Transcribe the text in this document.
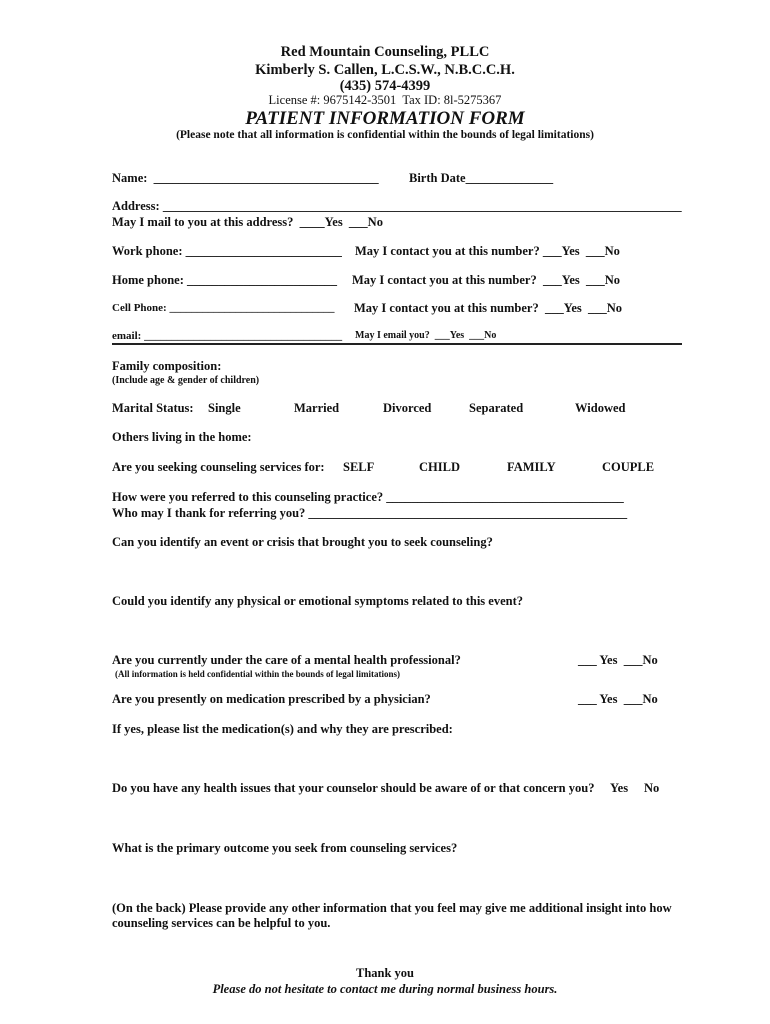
Red Mountain Counseling, PLLC
Kimberly S. Callen, L.C.S.W., N.B.C.C.H.
(435) 574-4399
License #: 9675142-3501  Tax ID: 8l-5275367
PATIENT INFORMATION FORM
(Please note that all information is confidential within the bounds of legal limitations)
Name:  ____________________________________ Birth Date______________
Address: ___________________________________________________________________________________
May I mail to you at this address?  ____Yes  ___No
Work phone: _________________________ May I contact you at this number? ___Yes  ___No
Home phone: ________________________ May I contact you at this number?  ___Yes  ___No
Cell Phone: ______________________________ May I contact you at this number?  ___Yes  ___No
email: ____________________________________ May I email you?  ___Yes  ___No
Family composition:
(Include age & gender of children)
Marital Status: Single	Married	Divorced	Separated	Widowed
Others living in the home:
Are you seeking counseling services for: SELF	CHILD	FAMILY	COUPLE
How were you referred to this counseling practice? ______________________________________
Who may I thank for referring you? ___________________________________________________
Can you identify an event or crisis that brought you to seek counseling?
Could you identify any physical or emotional symptoms related to this event?
Are you currently under the care of a mental health professional?	___ Yes  ___No
(All information is held confidential within the bounds of legal limitations)
Are you presently on medication prescribed by a physician?	___ Yes  ___No
If yes, please list the medication(s) and why they are prescribed:
Do you have any health issues that your counselor should be aware of or that concern you? Yes No
What is the primary outcome you seek from counseling services?
(On the back) Please provide any other information that you feel may give me additional insight into how
counseling services can be helpful to you.
Thank you
Please do not hesitate to contact me during normal business hours.
